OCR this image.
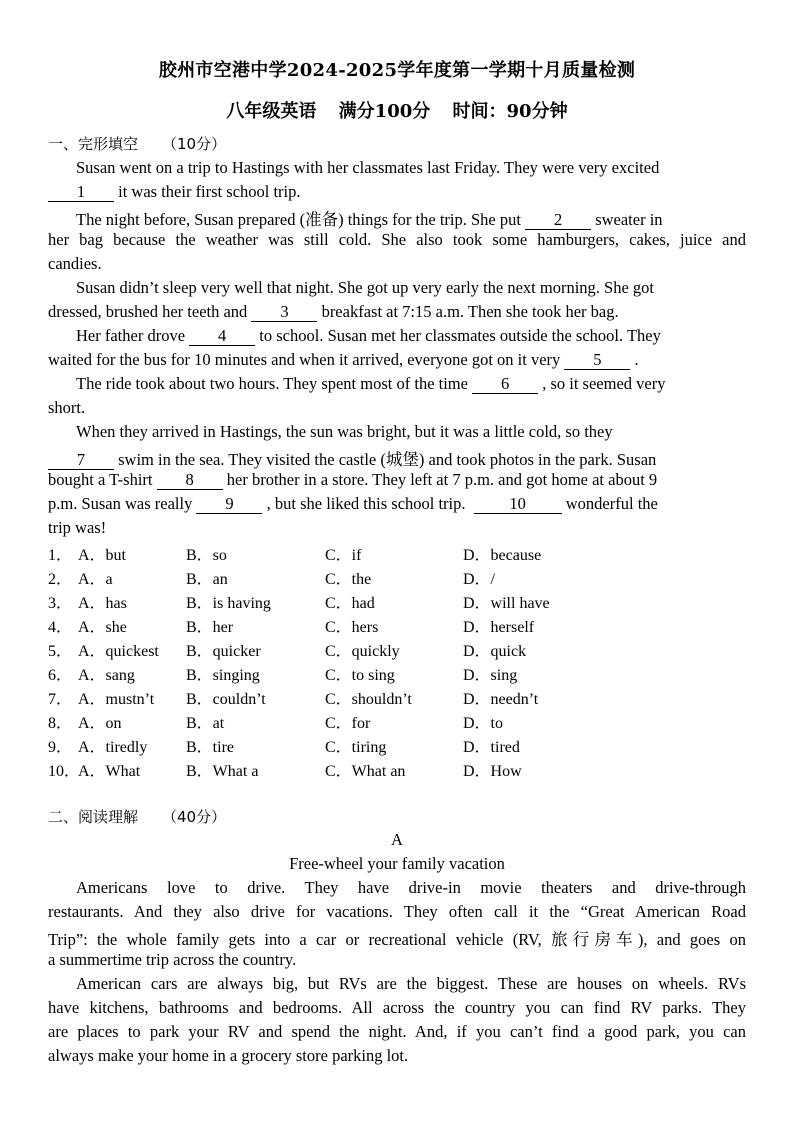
胶州市空港中学2024-2025学年度第一学期十月质量检测
八年级英语 满分100分 时间：90分钟
一、完形填空 （10分）
Susan went on a trip to Hastings with her classmates last Friday. They were very excited
1 it was their first school trip.
The night before, Susan prepared (准备) things for the trip. She put 2 sweater in
her bag because the weather was still cold. She also took some hamburgers, cakes, juice and
candies.
Susan didn’t sleep very well that night. She got up very early the next morning. She got
dressed, brushed her teeth and 3 breakfast at 7:15 a.m. Then she took her bag.
Her father drove 4 to school. Susan met her classmates outside the school. They
waited for the bus for 10 minutes and when it arrived, everyone got on it very 5 .
The ride took about two hours. They spent most of the time 6 , so it seemed very
short.
When they arrived in Hastings, the sun was bright, but it was a little cold, so they
7 swim in the sea. They visited the castle (城堡) and took photos in the park. Susan
bought a T-shirt 8 her brother in a store. They left at 7 p.m. and got home at about 9
p.m. Susan was really 9 , but she liked this school trip.	10 wonderful the
trip was!
1． A．but	B．so	C．if	D．because
2． A．a	B．an	C．the	D．/
3． A．has	B．is having	C．had	D．will have
4． A．she	B．her	C．hers	D．herself
5． A．quickest B．quicker	C．quickly	D．quick
6． A．sang	B．singing	C．to sing	D．sing
7． A．mustn’t B．couldn’t	C．shouldn’t	D．needn’t
8． A．on	B．at	C．for	D．to
9． A．tiredly B．tire	C．tiring	D．tired
10．
A．What	B．What a	C．What an	D．How
二、阅读理解 （40分）
A
Free-wheel your family vacation
Americans love to drive. They have drive-in movie theaters and drive-through
restaurants. And they also drive for vacations. They often call it the “Great American Road
Trip”: the whole family gets into a car or recreational vehicle (RV, 旅行房车), and goes on
a summertime trip across the country.
American cars are always big, but RVs are the biggest. These are houses on wheels. RVs
have kitchens, bathrooms and bedrooms. All across the country you can find RV parks. They
are places to park your RV and spend the night. And, if you can’t find a good park, you can
always make your home in a grocery store parking lot.
